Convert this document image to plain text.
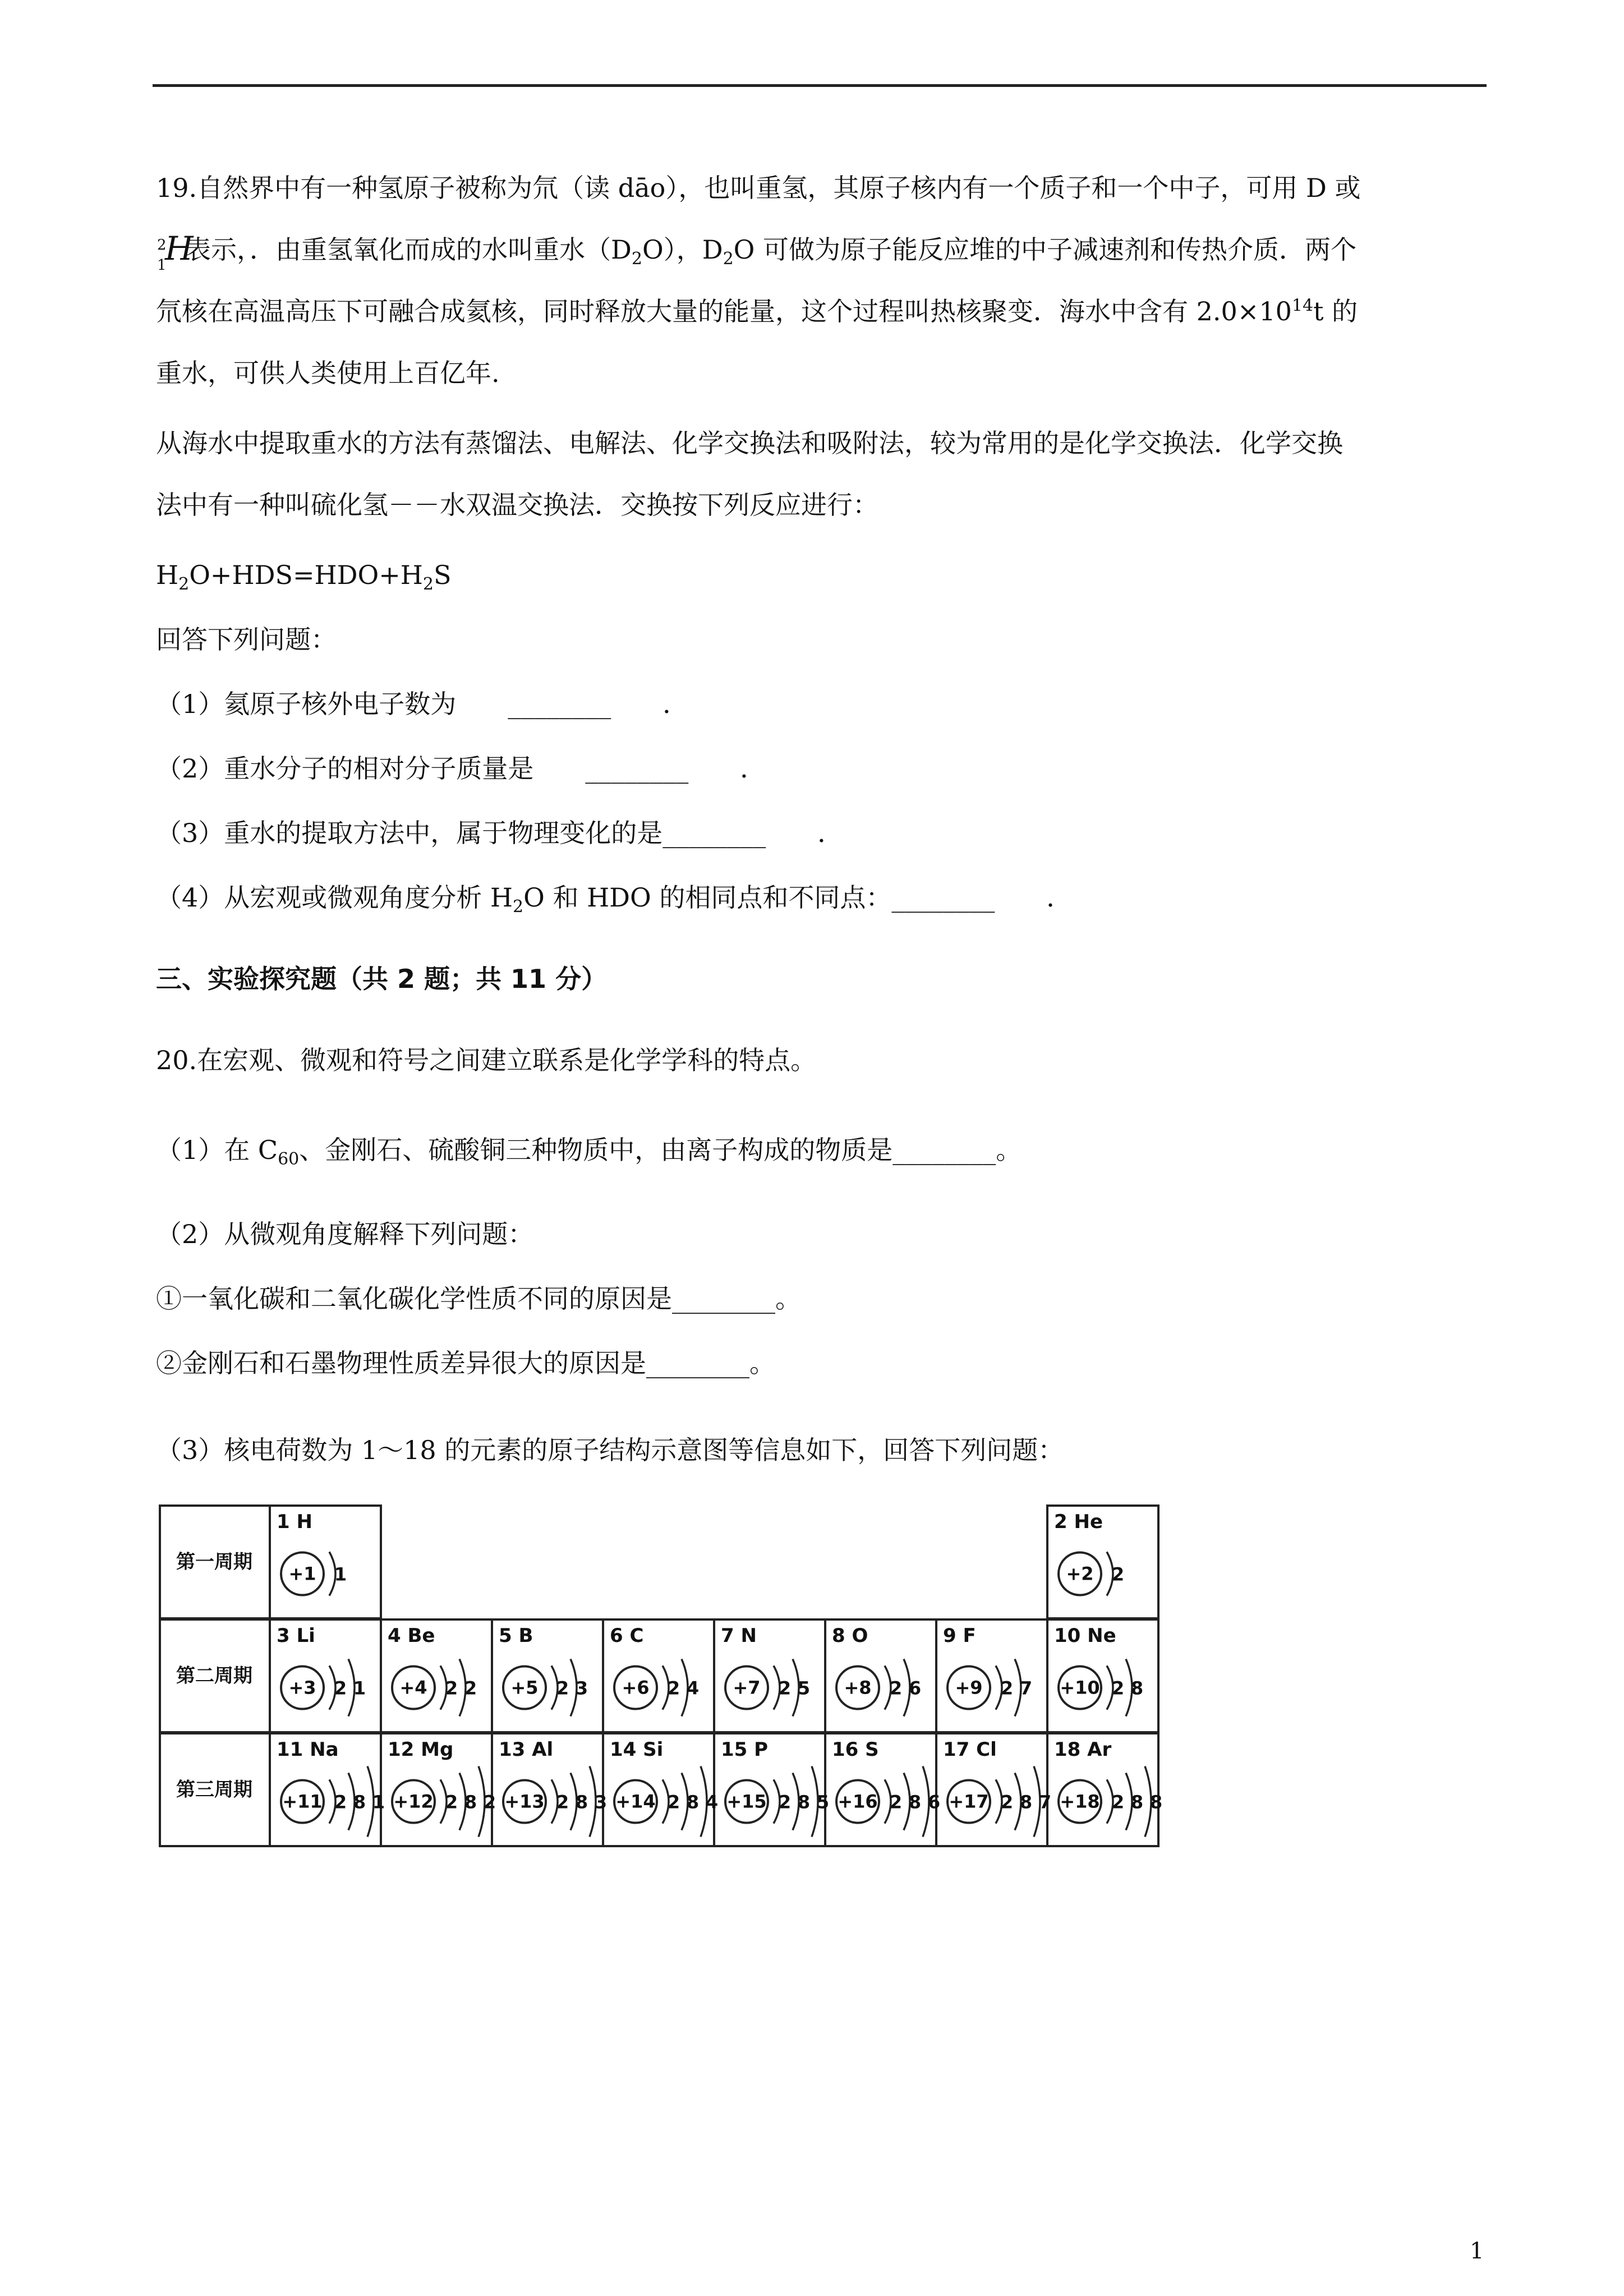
19.自然界中有一种氢原子被称为氘（读 dāo），也叫重氢，其原子核内有一个质子和一个中子，可用 D 或
2
1
H
表示，．由重氢氧化而成的水叫重水$(D_2O)$，$D_2O$ 可做为原子能反应堆的中子减速剂和传热介质．两个
氘核在高温高压下可融合成氦核，同时释放大量的能量，这个过程叫热核聚变．海水中含有 $2.0\times 10^{14}t$ 的
重水，可供人类使用上百亿年.
从海水中提取重水的方法有蒸馏法、电解法、化学交换法和吸附法，较为常用的是化学交换法．化学交换
法中有一种叫硫化氢－－水双温交换法．交换按下列反应进行：
$H_2O+HDS=HDO+H_2S$
回答下列问题：
（1）氦原子核外电子数为　　________　　 ．
（2）重水分子的相对分子质量是　　________　　 ．
（3）重水的提取方法中，属于物理变化的是________　　 ．
（4）从宏观或微观角度分析 $H_2O$ 和 HDO 的相同点和不同点：________　　 ．
三、实验探究题（共 2 题；共 11 分）
20.在宏观、微观和符号之间建立联系是化学学科的特点。
（1）在 $C_{60}$、金刚石、硫酸铜三种物质中，由离子构成的物质是________。
（2）从微观角度解释下列问题：
①一氧化碳和二氧化碳化学性质不同的原因是________。
②金刚石和石墨物理性质差异很大的原因是________。
（3）核电荷数为 1～18 的元素的原子结构示意图等信息如下，回答下列问题：
第一周期
1 H
+1 1
2 He
+2 2
第二周期
3 Li
+3 2 1
4 Be
+4 2 2
5 B
+5 2 3
6 C
+6 2 4
7 N
+7 2 5
8 O
+8 2 6
9 F
+9 2 7
10 Ne
+10 2 8
第三周期
11 Na
+11 2 8 1
12 Mg
+12 2 8 2
13 Al
+13 2 8 3
14 Si
+14 2 8 4
15 P
+15 2 8 5
16 S
+16 2 8 6
17 Cl
+17 2 8 7
18 Ar
+18 2 8 8
1
